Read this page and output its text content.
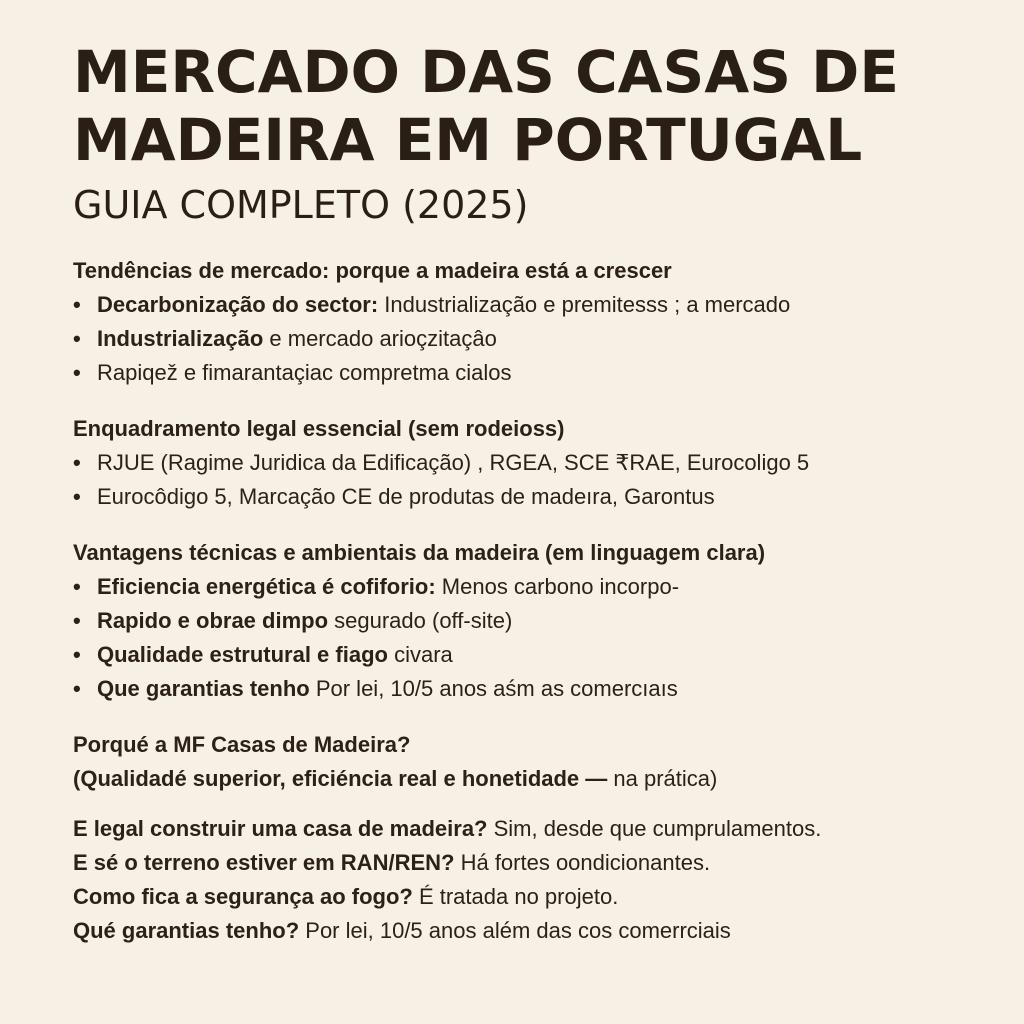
MERCADO DAS CASAS DE
MADEIRA EM PORTUGAL
GUIA COMPLETO (2025)

Tendências de mercado: porque a madeira está a crescer

• Decarbonização do sector: Industrialização e premitesss ; a mercado
• Industrialização e mercado arioçzitaçâo
• Rapiqež e fimarantaçiac compretma cialos

Enquadramento legal essencial (sem rodeioss)

• RJUE (Ragime Juridica da Edificação) , RGEA, SCE ₹RAE, Eurocoligo 5
• Eurocôdigo 5, Marcação CE de produtas de madeıra, Garontus

Vantagens técnicas e ambientais da madeira (em linguagem clara)

• Eficiencia energética é cofiforio: Menos carbono incorpo-
• Rapido e obrae dimpo segurado (off-site)
• Qualidade estrutural e fiago civara
• Que garantias tenho Por lei, 10/5 anos aśm as comercıaıs

Porqué a MF Casas de Madeira?

(Qualidadé superior, eficiéncia real e honetidade — na prática)

E legal construir uma casa de madeira? Sim, desde que cumprulamentos.

E sé o terreno estiver em RAN/REN? Há fortes oondicionantes.

Como fica a segurança ao fogo? É tratada no projeto.

Qué garantias tenho? Por lei, 10/5 anos além das cos comerrciais
